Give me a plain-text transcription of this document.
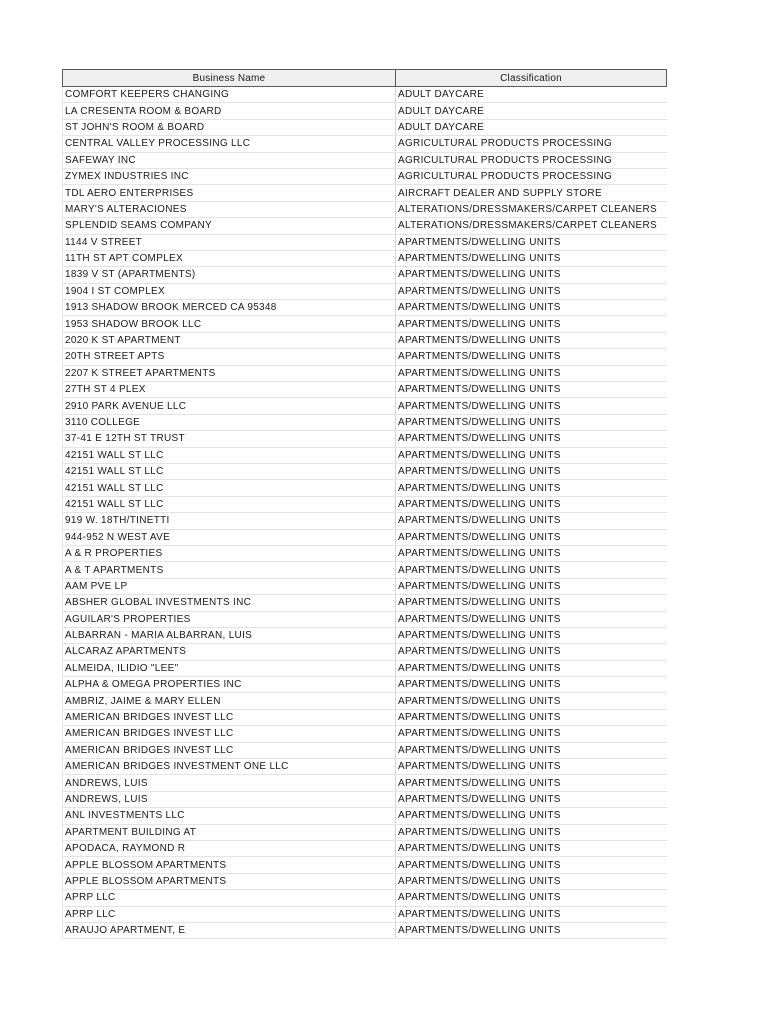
Business Name	Classification
COMFORT KEEPERS CHANGING	ADULT DAYCARE
LA CRESENTA ROOM & BOARD	ADULT DAYCARE
ST JOHN'S ROOM & BOARD	ADULT DAYCARE
CENTRAL VALLEY PROCESSING LLC	AGRICULTURAL PRODUCTS PROCESSING
SAFEWAY INC	AGRICULTURAL PRODUCTS PROCESSING
ZYMEX INDUSTRIES INC	AGRICULTURAL PRODUCTS PROCESSING
TDL AERO ENTERPRISES	AIRCRAFT DEALER AND SUPPLY STORE
MARY'S ALTERACIONES	ALTERATIONS/DRESSMAKERS/CARPET CLEANERS
SPLENDID SEAMS COMPANY	ALTERATIONS/DRESSMAKERS/CARPET CLEANERS
1144 V STREET	APARTMENTS/DWELLING UNITS
11TH ST APT COMPLEX	APARTMENTS/DWELLING UNITS
1839 V ST (APARTMENTS)	APARTMENTS/DWELLING UNITS
1904 I ST COMPLEX	APARTMENTS/DWELLING UNITS
1913 SHADOW BROOK MERCED CA 95348	APARTMENTS/DWELLING UNITS
1953 SHADOW BROOK LLC	APARTMENTS/DWELLING UNITS
2020 K ST APARTMENT	APARTMENTS/DWELLING UNITS
20TH STREET APTS	APARTMENTS/DWELLING UNITS
2207 K STREET APARTMENTS	APARTMENTS/DWELLING UNITS
27TH ST 4 PLEX	APARTMENTS/DWELLING UNITS
2910 PARK AVENUE LLC	APARTMENTS/DWELLING UNITS
3110 COLLEGE	APARTMENTS/DWELLING UNITS
37-41 E 12TH ST TRUST	APARTMENTS/DWELLING UNITS
42151 WALL ST LLC	APARTMENTS/DWELLING UNITS
42151 WALL ST LLC	APARTMENTS/DWELLING UNITS
42151 WALL ST LLC	APARTMENTS/DWELLING UNITS
42151 WALL ST LLC	APARTMENTS/DWELLING UNITS
919 W. 18TH/TINETTI	APARTMENTS/DWELLING UNITS
944-952 N WEST AVE	APARTMENTS/DWELLING UNITS
A & R PROPERTIES	APARTMENTS/DWELLING UNITS
A & T APARTMENTS	APARTMENTS/DWELLING UNITS
AAM PVE LP	APARTMENTS/DWELLING UNITS
ABSHER GLOBAL INVESTMENTS INC	APARTMENTS/DWELLING UNITS
AGUILAR'S PROPERTIES	APARTMENTS/DWELLING UNITS
ALBARRAN - MARIA ALBARRAN, LUIS	APARTMENTS/DWELLING UNITS
ALCARAZ APARTMENTS	APARTMENTS/DWELLING UNITS
ALMEIDA, ILIDIO "LEE"	APARTMENTS/DWELLING UNITS
ALPHA & OMEGA PROPERTIES INC	APARTMENTS/DWELLING UNITS
AMBRIZ, JAIME & MARY ELLEN	APARTMENTS/DWELLING UNITS
AMERICAN BRIDGES INVEST LLC	APARTMENTS/DWELLING UNITS
AMERICAN BRIDGES INVEST LLC	APARTMENTS/DWELLING UNITS
AMERICAN BRIDGES INVEST LLC	APARTMENTS/DWELLING UNITS
AMERICAN BRIDGES INVESTMENT ONE LLC	APARTMENTS/DWELLING UNITS
ANDREWS, LUIS	APARTMENTS/DWELLING UNITS
ANDREWS, LUIS	APARTMENTS/DWELLING UNITS
ANL INVESTMENTS LLC	APARTMENTS/DWELLING UNITS
APARTMENT BUILDING AT	APARTMENTS/DWELLING UNITS
APODACA, RAYMOND R	APARTMENTS/DWELLING UNITS
APPLE BLOSSOM APARTMENTS	APARTMENTS/DWELLING UNITS
APPLE BLOSSOM APARTMENTS	APARTMENTS/DWELLING UNITS
APRP LLC	APARTMENTS/DWELLING UNITS
APRP LLC	APARTMENTS/DWELLING UNITS
ARAUJO APARTMENT, E	APARTMENTS/DWELLING UNITS
